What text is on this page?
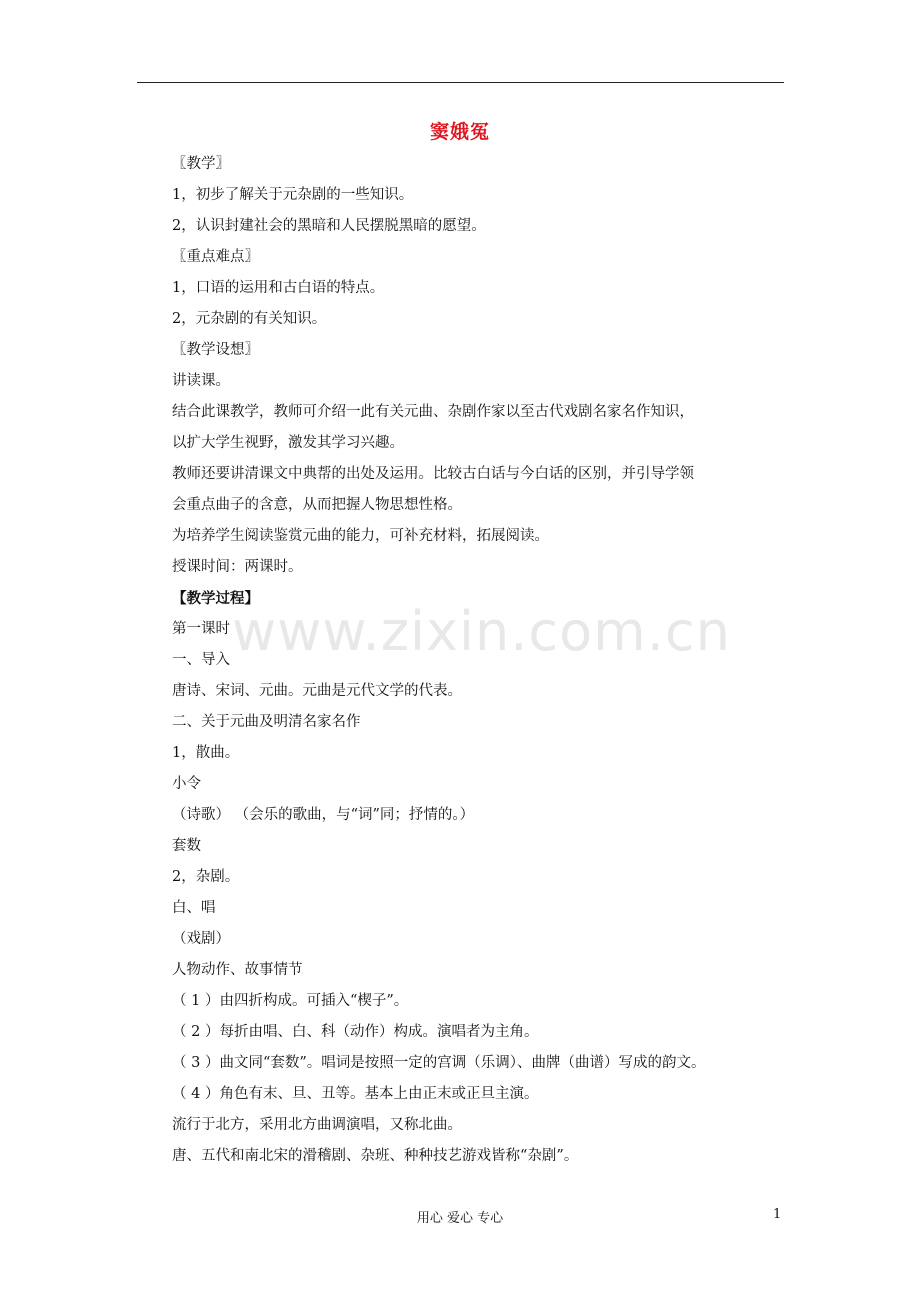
窦娥冤
www.zixin.com.cn
〖教学〗
1，初步了解关于元杂剧的一些知识。
2，认识封建社会的黑暗和人民摆脱黑暗的愿望。
〖重点难点〗
1，口语的运用和古白语的特点。
2，元杂剧的有关知识。
〖教学设想〗
讲读课。
结合此课教学，教师可介绍一此有关元曲、杂剧作家以至古代戏剧名家名作知识，
以扩大学生视野，激发其学习兴趣。
教师还要讲清课文中典帮的出处及运用。比较古白话与今白话的区别，并引导学领
会重点曲子的含意，从而把握人物思想性格。
为培养学生阅读鉴赏元曲的能力，可补充材料，拓展阅读。
授课时间：两课时。
【教学过程】
第一课时
一、导入
唐诗、宋词、元曲。元曲是元代文学的代表。
二、关于元曲及明清名家名作
1，散曲。
小令
（诗歌） （会乐的歌曲，与“词”同；抒情的。）
套数
2，杂剧。
白、唱
（戏剧）
人物动作、故事情节
（ 1 ）由四折构成。可插入“楔子”。
（ 2 ）每折由唱、白、科（动作）构成。演唱者为主角。
（ 3 ）曲文同“套数”。唱词是按照一定的宫调（乐调）、曲牌（曲谱）写成的韵文。
（ 4 ）角色有末、旦、丑等。基本上由正末或正旦主演。
流行于北方，采用北方曲调演唱，又称北曲。
唐、五代和南北宋的滑稽剧、杂班、种种技艺游戏皆称“杂剧”。
用心 爱心 专心	1
